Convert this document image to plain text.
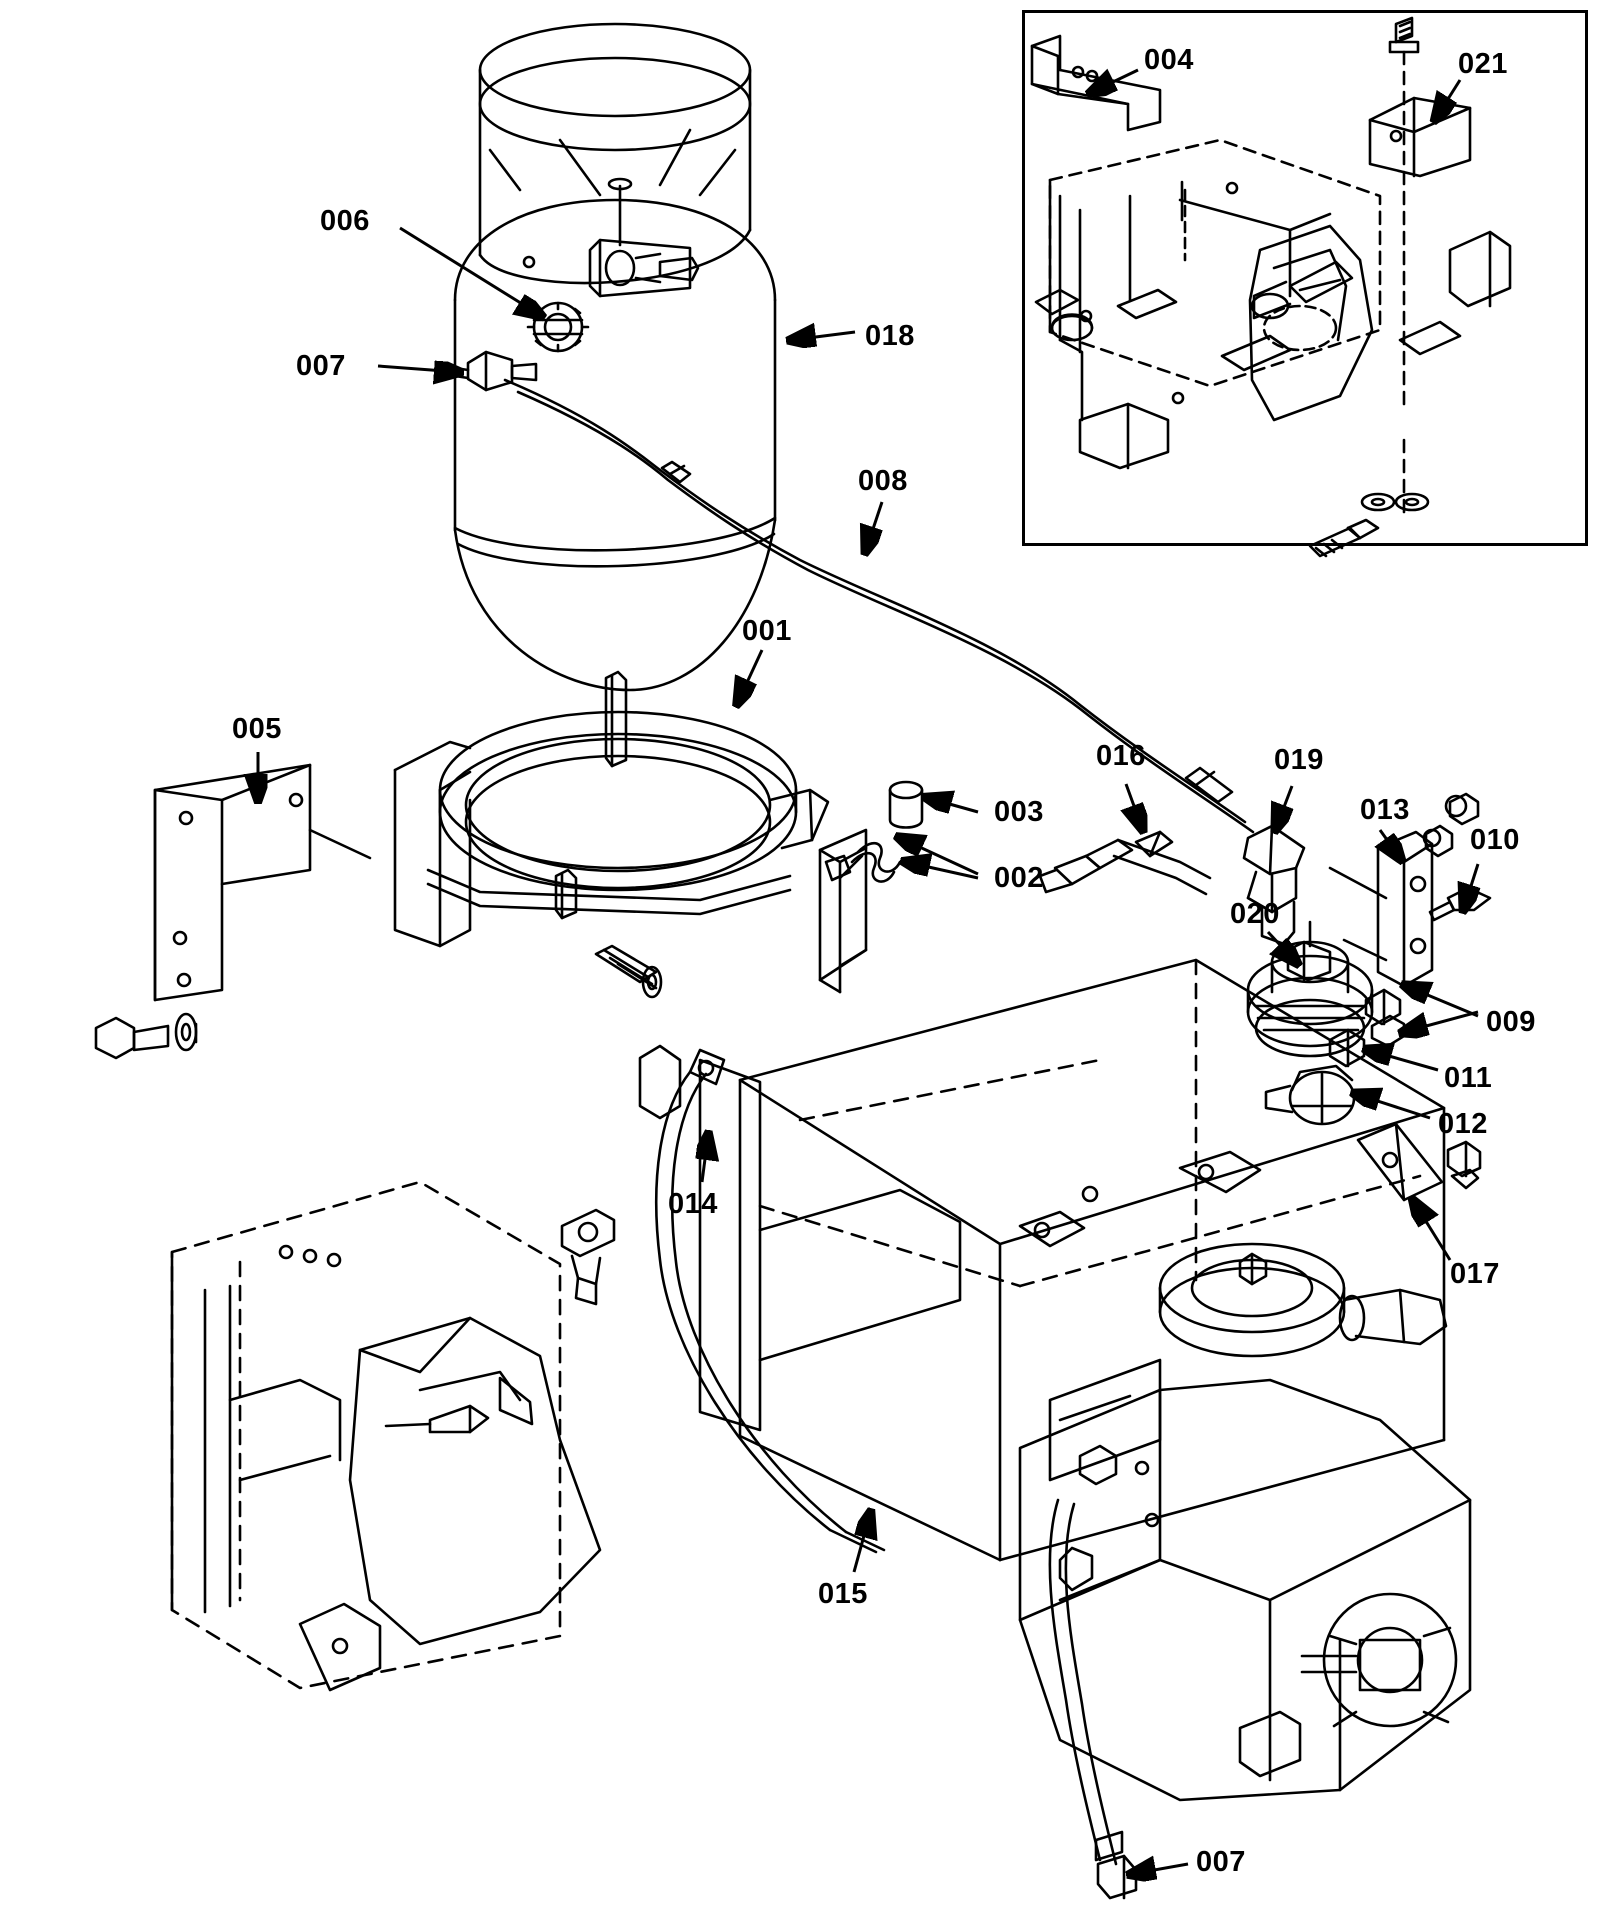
006
007
018
008
001
005
003
002
016	019
013
010
020
009
011
012
014
017
015
007
004	021
